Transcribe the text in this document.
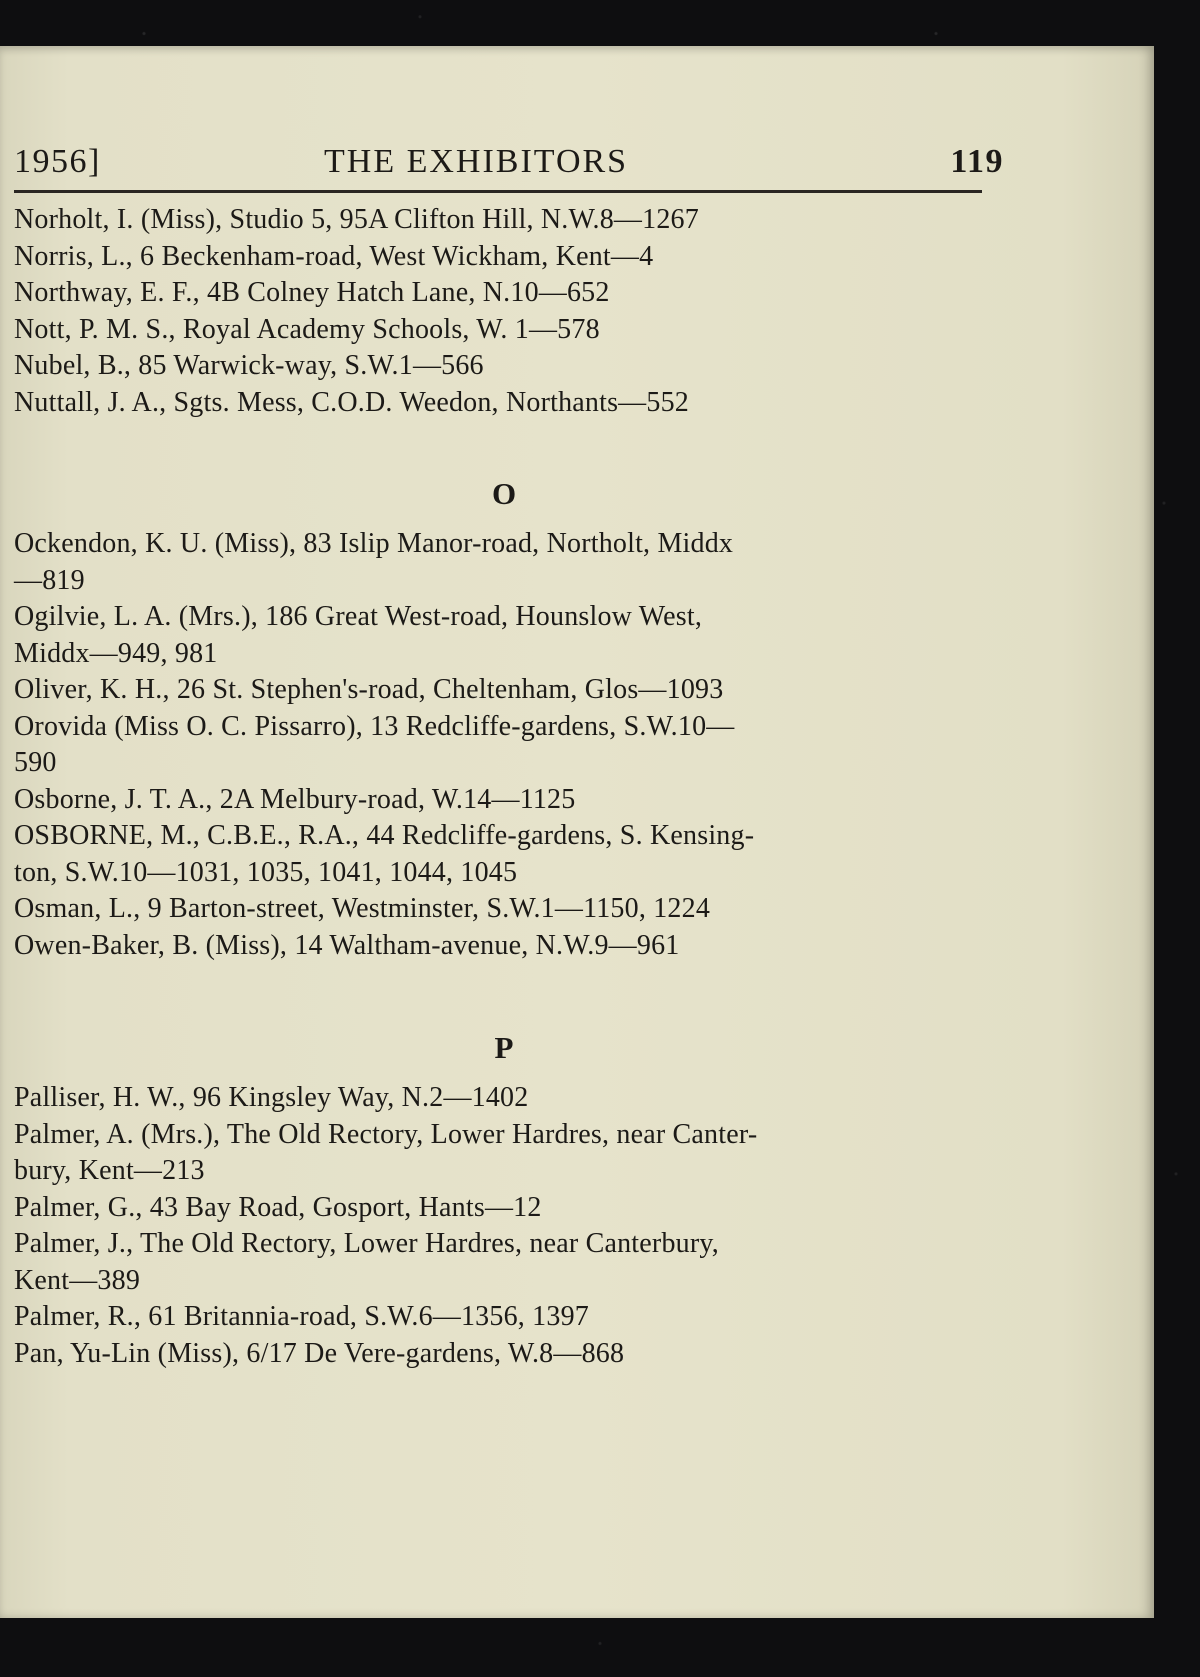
1956]	THE EXHIBITORS	119
Norholt, I. (Miss), Studio 5, 95A Clifton Hill, N.W.8—1267
Norris, L., 6 Beckenham-road, West Wickham, Kent—4
Northway, E. F., 4B Colney Hatch Lane, N.10—652
Nott, P. M. S., Royal Academy Schools, W. 1—578
Nubel, B., 85 Warwick-way, S.W.1—566
Nuttall, J. A., Sgts. Mess, C.O.D. Weedon, Northants—552
O
Ockendon, K. U. (Miss), 83 Islip Manor-road, Northolt, Middx
—819
Ogilvie, L. A. (Mrs.), 186 Great West-road, Hounslow West,
Middx—949, 981
Oliver, K. H., 26 St. Stephen's-road, Cheltenham, Glos—1093
Orovida (Miss O. C. Pissarro), 13 Redcliffe-gardens, S.W.10—
590
Osborne, J. T. A., 2A Melbury-road, W.14—1125
OSBORNE, M., C.B.E., R.A., 44 Redcliffe-gardens, S. Kensing-
ton, S.W.10—1031, 1035, 1041, 1044, 1045
Osman, L., 9 Barton-street, Westminster, S.W.1—1150, 1224
Owen-Baker, B. (Miss), 14 Waltham-avenue, N.W.9—961
P
Palliser, H. W., 96 Kingsley Way, N.2—1402
Palmer, A. (Mrs.), The Old Rectory, Lower Hardres, near Canter-
bury, Kent—213
Palmer, G., 43 Bay Road, Gosport, Hants—12
Palmer, J., The Old Rectory, Lower Hardres, near Canterbury,
Kent—389
Palmer, R., 61 Britannia-road, S.W.6—1356, 1397
Pan, Yu-Lin (Miss), 6/17 De Vere-gardens, W.8—868
